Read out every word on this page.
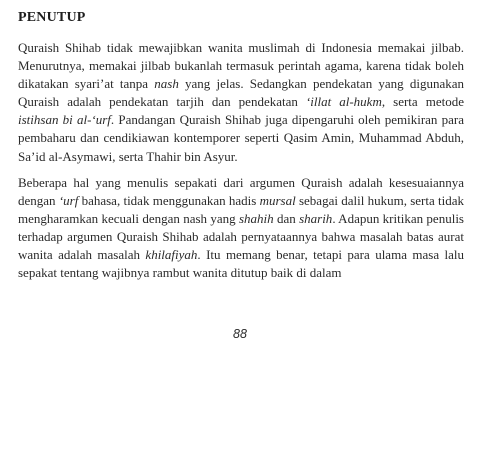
PENUTUP

Quraish Shihab tidak mewajibkan wanita muslimah di Indonesia memakai jilbab. Menurutnya, memakai jilbab bukanlah termasuk perintah agama, karena tidak boleh dikatakan syari’at tanpa nash yang jelas. Sedangkan pendekatan yang digunakan Quraish adalah pendekatan tarjih dan pendekatan ‘illat al-hukm, serta metode istihsan bi al-‘urf. Pandangan Quraish Shihab juga dipengaruhi oleh pemikiran para pembaharu dan cendikiawan kontemporer seperti Qasim Amin, Muhammad Abduh, Sa’id al-Asymawi, serta Thahir bin Asyur.

Beberapa hal yang menulis sepakati dari argumen Quraish adalah kesesuaiannya dengan ‘urf bahasa, tidak menggunakan hadis mursal sebagai dalil hukum, serta tidak mengharamkan kecuali dengan nash yang shahih dan sharih. Adapun kritikan penulis terhadap argumen Quraish Shihab adalah pernyataannya bahwa masalah batas aurat wanita adalah masalah khilafiyah. Itu memang benar, tetapi para ulama masa lalu sepakat tentang wajibnya rambut wanita ditutup baik di dalam

88
